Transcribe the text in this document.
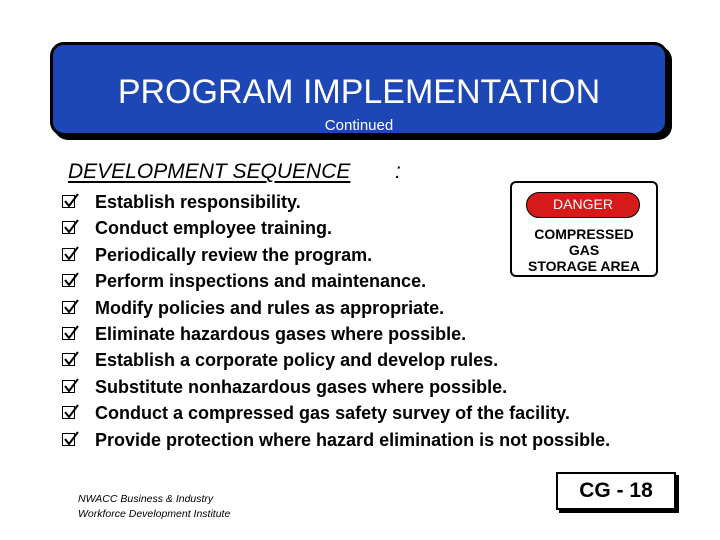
PROGRAM IMPLEMENTATION
Continued
DEVELOPMENT SEQUENCE :
Establish responsibility.
Conduct employee training.
Periodically review the program.
Perform inspections and maintenance.
Modify policies and rules as appropriate.
Eliminate hazardous gases where possible.
Establish a corporate policy and develop rules.
Substitute nonhazardous gases where possible.
Conduct a compressed gas safety survey of the facility.
Provide protection where hazard elimination is not possible.
DANGER
COMPRESSED
GAS
STORAGE AREA
NWACC Business & Industry
Workforce Development Institute
CG - 18
